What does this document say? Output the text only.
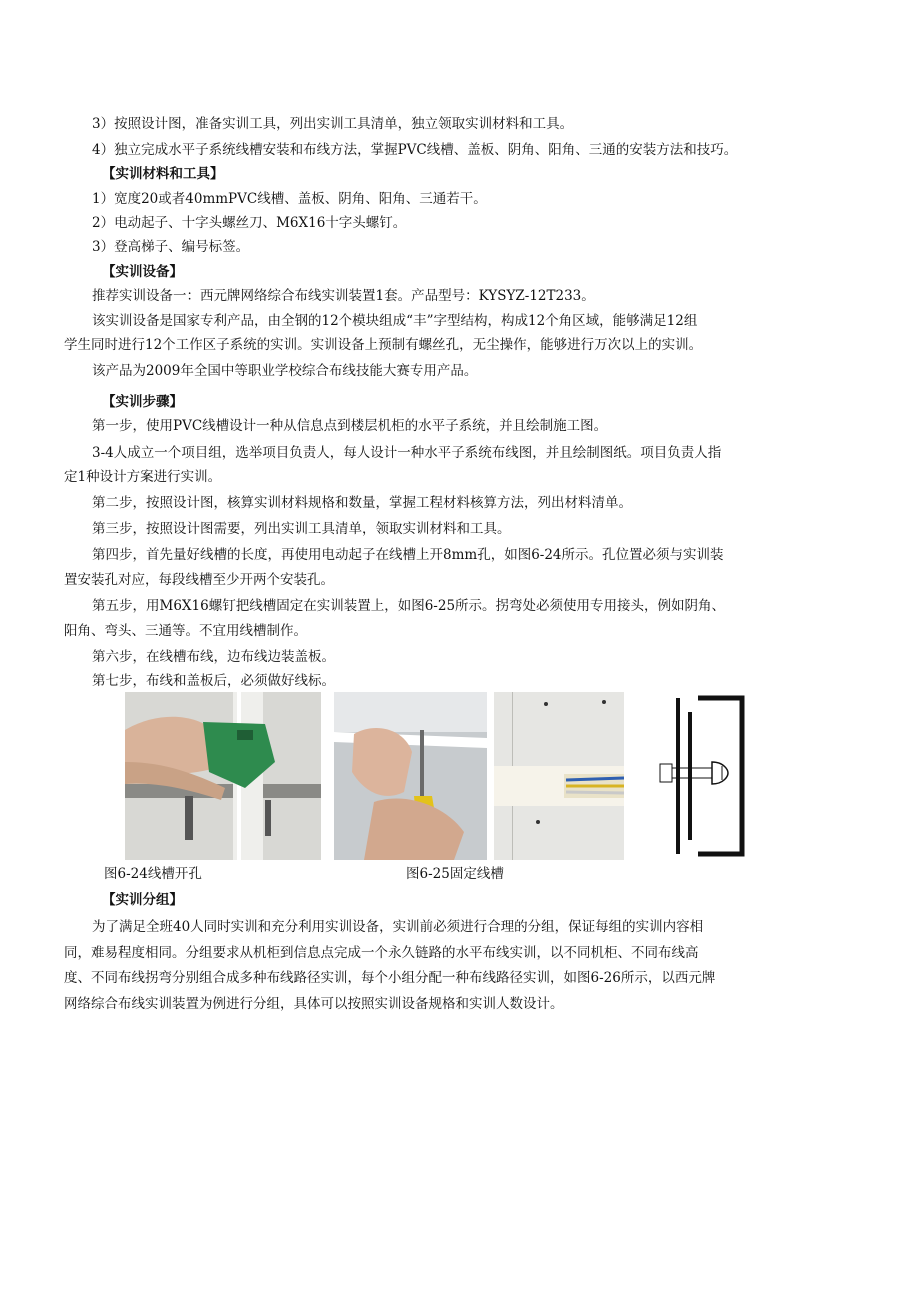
3）按照设计图，准备实训工具，列出实训工具清单，独立领取实训材料和工具。
4）独立完成水平子系统线槽安装和布线方法，掌握PVC线槽、盖板、阴角、阳角、三通的安装方法和技巧。
【实训材料和工具】
1）宽度20或者40mmPVC线槽、盖板、阴角、阳角、三通若干。
2）电动起子、十字头螺丝刀、M6X16十字头螺钉。
3）登高梯子、编号标签。
【实训设备】
推荐实训设备一：西元牌网络综合布线实训装置1套。产品型号：KYSYZ-12T233。
该实训设备是国家专利产品，由全钢的12个模块组成“丰”字型结构，构成12个角区域，能够满足12组
学生同时进行12个工作区子系统的实训。实训设备上预制有螺丝孔，无尘操作，能够进行万次以上的实训。
该产品为2009年全国中等职业学校综合布线技能大赛专用产品。
【实训步骤】
第一步，使用PVC线槽设计一种从信息点到楼层机柜的水平子系统，并且绘制施工图。
3-4人成立一个项目组，选举项目负责人，每人设计一种水平子系统布线图，并且绘制图纸。项目负责人指
定1种设计方案进行实训。
第二步，按照设计图，核算实训材料规格和数量，掌握工程材料核算方法，列出材料清单。
第三步，按照设计图需要，列出实训工具清单，领取实训材料和工具。
第四步，首先量好线槽的长度，再使用电动起子在线槽上开8mm孔，如图6-24所示。孔位置必须与实训装
置安装孔对应，每段线槽至少开两个安装孔。
第五步，用M6X16螺钉把线槽固定在实训装置上，如图6-25所示。拐弯处必须使用专用接头，例如阴角、
阳角、弯头、三通等。不宜用线槽制作。
第六步，在线槽布线，边布线边装盖板。
第七步，布线和盖板后，必须做好线标。
图6-24线槽开孔	图6-25固定线槽
【实训分组】
为了满足全班40人同时实训和充分利用实训设备，实训前必须进行合理的分组，保证每组的实训内容相
同，难易程度相同。分组要求从机柜到信息点完成一个永久链路的水平布线实训，以不同机柜、不同布线高
度、不同布线拐弯分别组合成多种布线路径实训，每个小组分配一种布线路径实训，如图6-26所示，以西元牌
网络综合布线实训装置为例进行分组，具体可以按照实训设备规格和实训人数设计。
